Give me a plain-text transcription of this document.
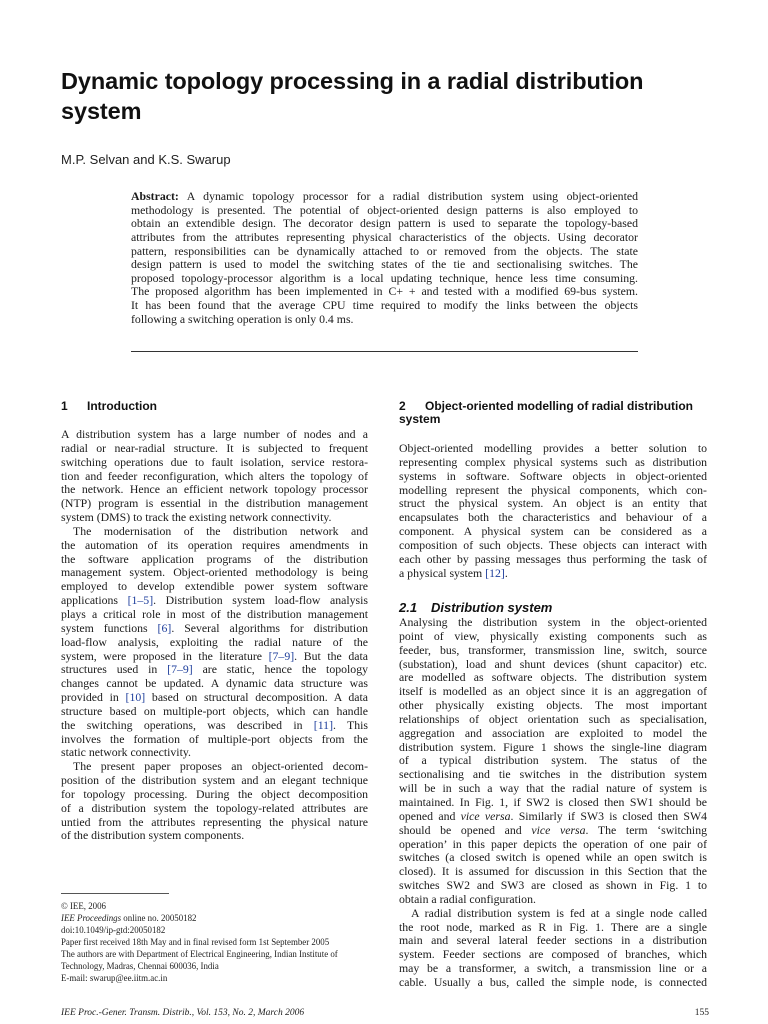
Dynamic topology processing in a radial distribution system
M.P. Selvan and K.S. Swarup
Abstract: A dynamic topology processor for a radial distribution system using object-oriented
methodology is presented. The potential of object-oriented design patterns is also employed to
obtain an extendible design. The decorator design pattern is used to separate the topology-based
attributes from the attributes representing physical characteristics of the objects. Using decorator
pattern, responsibilities can be dynamically attached to or removed from the objects. The state
design pattern is used to model the switching states of the tie and sectionalising switches. The
proposed topology-processor algorithm is a local updating technique, hence less time consuming.
The proposed algorithm has been implemented in C+ + and tested with a modified 69-bus system.
It has been found that the average CPU time required to modify the links between the objects
following a switching operation is only 0.4 ms.
1 Introduction
A distribution system has a large number of nodes and a
radial or near-radial structure. It is subjected to frequent
switching operations due to fault isolation, service restora-
tion and feeder reconfiguration, which alters the topology of
the network. Hence an efficient network topology processor
(NTP) program is essential in the distribution management
system (DMS) to track the existing network connectivity.
The modernisation of the distribution network and
the automation of its operation requires amendments in
the software application programs of the distribution
management system. Object-oriented methodology is being
employed to develop extendible power system software
applications [1–5]. Distribution system load-flow analysis
plays a critical role in most of the distribution management
system functions [6]. Several algorithms for distribution
load-flow analysis, exploiting the radial nature of the
system, were proposed in the literature [7–9]. But the data
structures used in [7–9] are static, hence the topology
changes cannot be updated. A dynamic data structure was
provided in [10] based on structural decomposition. A data
structure based on multiple-port objects, which can handle
the switching operations, was described in [11]. This
involves the formation of multiple-port objects from the
static network connectivity.
The present paper proposes an object-oriented decom-
position of the distribution system and an elegant technique
for topology processing. During the object decomposition
of a distribution system the topology-related attributes are
untied from the attributes representing the physical nature
of the distribution system components.
2 Object-oriented modelling of radial distribution
system
Object-oriented modelling provides a better solution to
representing complex physical systems such as distribution
systems in software. Software objects in object-oriented
modelling represent the physical components, which con-
struct the physical system. An object is an entity that
encapsulates both the characteristics and behaviour of a
component. A physical system can be considered as a
composition of such objects. These objects can interact with
each other by passing messages thus performing the task of
a physical system [12].
2.1 Distribution system
Analysing the distribution system in the object-oriented
point of view, physically existing components such as
feeder, bus, transformer, transmission line, switch, source
(substation), load and shunt devices (shunt capacitor) etc.
are modelled as software objects. The distribution system
itself is modelled as an object since it is an aggregation of
other physically existing objects. The most important
relationships of object orientation such as specialisation,
aggregation and association are exploited to model the
distribution system. Figure 1 shows the single-line diagram
of a typical distribution system. The status of the
sectionalising and tie switches in the distribution system
will be in such a way that the radial nature of system is
maintained. In Fig. 1, if SW2 is closed then SW1 should be
opened and vice versa. Similarly if SW3 is closed then SW4
should be opened and vice versa. The term ‘switching
operation’ in this paper depicts the operation of one pair of
switches (a closed switch is opened while an open switch is
closed). It is assumed for discussion in this Section that the
switches SW2 and SW3 are closed as shown in Fig. 1 to
obtain a radial configuration.
A radial distribution system is fed at a single node called
the root node, marked as R in Fig. 1. There are a single
main and several lateral feeder sections in a distribution
system. Feeder sections are composed of branches, which
may be a transformer, a switch, a transmission line or a
cable. Usually a bus, called the simple node, is connected
© IEE, 2006
IEE Proceedings online no. 20050182
doi:10.1049/ip-gtd:20050182
Paper first received 18th May and in final revised form 1st September 2005
The authors are with Department of Electrical Engineering, Indian Institute of
Technology, Madras, Chennai 600036, India
E-mail: swarup@ee.iitm.ac.in
IEE Proc.-Gener. Transm. Distrib., Vol. 153, No. 2, March 2006	155
